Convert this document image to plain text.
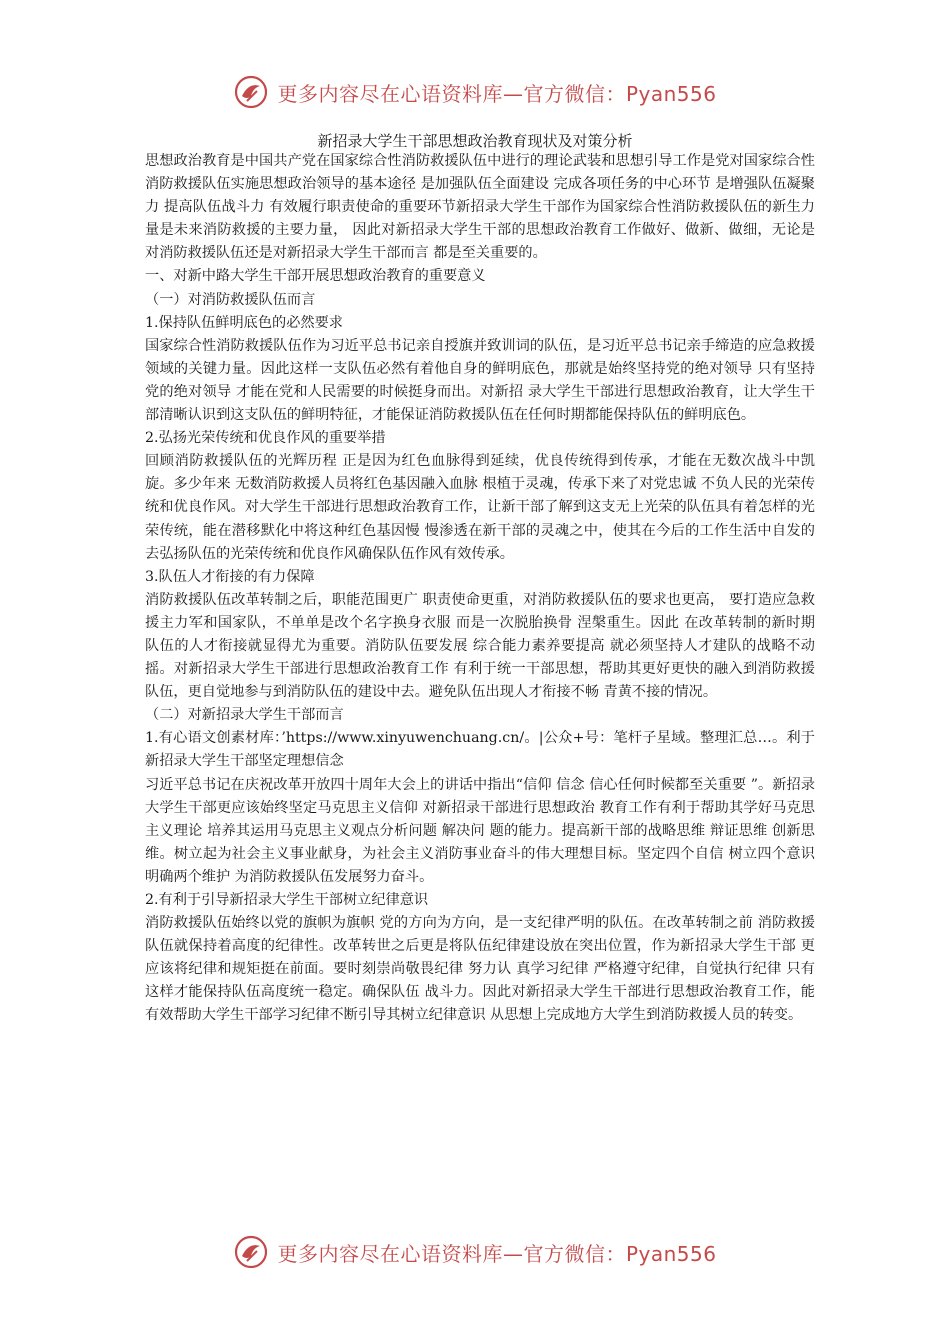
更多内容尽在心语资料库—官方微信：Pyan556
新招录大学生干部思想政治教育现状及对策分析

思想政治教育是中国共产党在国家综合性消防救援队伍中进行的理论武装和思想引导工作是党对国家综合性消防救援队伍实施思想政治领导的基本途径 是加强队伍全面建设 完成各项任务的中心环节 是增强队伍凝聚力 提高队伍战斗力 有效履行职责使命的重要环节新招录大学生干部作为国家综合性消防救援队伍的新生力量是未来消防救援的主要力量， 因此对新招录大学生干部的思想政治教育工作做好、做新、做细，无论是对消防救援队伍还是对新招录大学生干部而言 都是至关重要的。

一、对新中路大学生干部开展思想政治教育的重要意义

（一）对消防救援队伍而言

1.保持队伍鲜明底色的必然要求

国家综合性消防救援队伍作为习近平总书记亲自授旗并致训词的队伍，是习近平总书记亲手缔造的应急救援领域的关键力量。因此这样一支队伍必然有着他自身的鲜明底色，那就是始终坚持党的绝对领导 只有坚持党的绝对领导 才能在党和人民需要的时候挺身而出。对新招 录大学生干部进行思想政治教育，让大学生干部清晰认识到这支队伍的鲜明特征，才能保证消防救援队伍在任何时期都能保持队伍的鲜明底色。

2.弘扬光荣传统和优良作风的重要举措

回顾消防救援队伍的光辉历程 正是因为红色血脉得到延续，优良传统得到传承，才能在无数次战斗中凯旋。多少年来 无数消防救援人员将红色基因融入血脉 根植于灵魂，传承下来了对党忠诚 不负人民的光荣传统和优良作风。对大学生干部进行思想政治教育工作，让新干部了解到这支无上光荣的队伍具有着怎样的光荣传统，能在潜移默化中将这种红色基因慢 慢渗透在新干部的灵魂之中，使其在今后的工作生活中自发的去弘扬队伍的光荣传统和优良作风确保队伍作风有效传承。

3.队伍人才衔接的有力保障

消防救援队伍改革转制之后，职能范围更广 职责使命更重，对消防救援队伍的要求也更高， 要打造应急救援主力军和国家队，不单单是改个名字换身衣服 而是一次脱胎换骨 涅槃重生。因此 在改革转制的新时期 队伍的人才衔接就显得尤为重要。消防队伍要发展 综合能力素养要提高 就必须坚持人才建队的战略不动摇。对新招录大学生干部进行思想政治教育工作 有利于统一干部思想，帮助其更好更快的融入到消防救援队伍，更自觉地参与到消防队伍的建设中去。避免队伍出现人才衔接不畅 青黄不接的情况。

（二）对新招录大学生干部而言

1.有心语文创素材库：’https://www.xinyuwenchuang.cn/。|公众+号：笔杆子星域。整理汇总…。利于新招录大学生干部坚定理想信念

习近平总书记在庆祝改革开放四十周年大会上的讲话中指出“信仰 信念 信心任何时候都至关重要 ”。新招录大学生干部更应该始终坚定马克思主义信仰 对新招录干部进行思想政治 教育工作有利于帮助其学好马克思主义理论 培养其运用马克思主义观点分析问题 解决问 题的能力。提高新干部的战略思维 辩证思维 创新思维。树立起为社会主义事业献身，为社会主义消防事业奋斗的伟大理想目标。坚定四个自信 树立四个意识 明确两个维护 为消防救援队伍发展努力奋斗。

2.有利于引导新招录大学生干部树立纪律意识

消防救援队伍始终以党的旗帜为旗帜 党的方向为方向，是一支纪律严明的队伍。在改革转制之前 消防救援队伍就保持着高度的纪律性。改革转世之后更是将队伍纪律建设放在突出位置，作为新招录大学生干部 更应该将纪律和规矩挺在前面。要时刻崇尚敬畏纪律 努力认 真学习纪律 严格遵守纪律，自觉执行纪律 只有这样才能保持队伍高度统一稳定。确保队伍 战斗力。因此对新招录大学生干部进行思想政治教育工作，能有效帮助大学生干部学习纪律不断引导其树立纪律意识 从思想上完成地方大学生到消防救援人员的转变。

更多内容尽在心语资料库—官方微信：Pyan556
